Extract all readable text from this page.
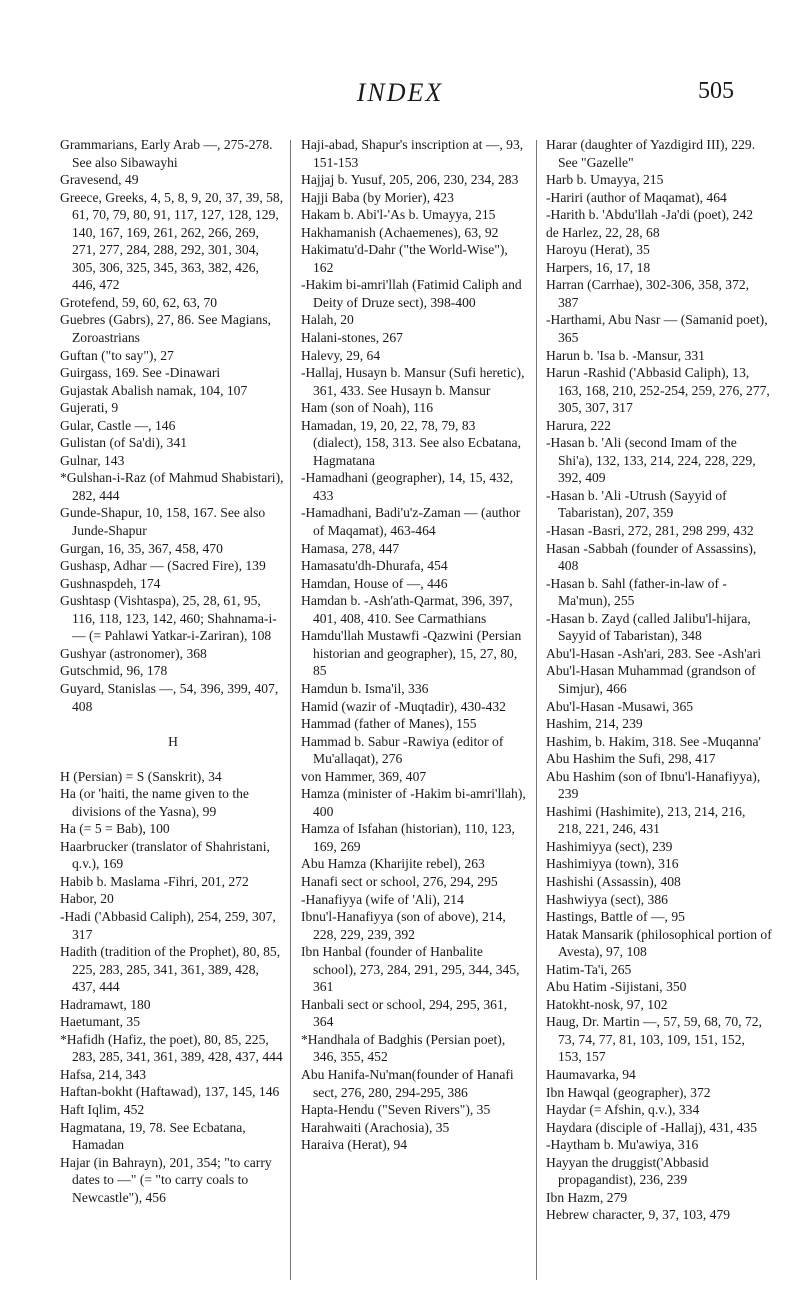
INDEX	505
Grammarians, Early Arab —, 275-278. See also Sibawayhi
Gravesend, 49
Greece, Greeks, 4, 5, 8, 9, 20, 37, 39, 58, 61, 70, 79, 80, 91, 117, 127, 128, 129, 140, 167, 169, 261, 262, 266, 269, 271, 277, 284, 288, 292, 301, 304, 305, 306, 325, 345, 363, 382, 426, 446, 472
Grotefend, 59, 60, 62, 63, 70
Guebres (Gabrs), 27, 86. See Magians, Zoroastrians
Guftan ("to say"), 27
Guirgass, 169. See -Dinawari
Gujastak Abalish namak, 104, 107
Gujerati, 9
Gular, Castle —, 146
Gulistan (of Sa'di), 341
Gulnar, 143
*Gulshan-i-Raz (of Mahmud Shabistari), 282, 444
Gunde-Shapur, 10, 158, 167. See also Junde-Shapur
Gurgan, 16, 35, 367, 458, 470
Gushasp, Adhar — (Sacred Fire), 139
Gushnaspdeh, 174
Gushtasp (Vishtaspa), 25, 28, 61, 95, 116, 118, 123, 142, 460; Shahnama-i- — (= Pahlawi Yatkar-i-Zariran), 108
Gushyar (astronomer), 368
Gutschmid, 96, 178
Guyard, Stanislas —, 54, 396, 399, 407, 408
H
H (Persian) = S (Sanskrit), 34
Ha (or 'haiti, the name given to the divisions of the Yasna), 99
Ha (= 5 = Bab), 100
Haarbrucker (translator of Shahristani, q.v.), 169
Habib b. Maslama -Fihri, 201, 272
Habor, 20
-Hadi ('Abbasid Caliph), 254, 259, 307, 317
Hadith (tradition of the Prophet), 80, 85, 225, 283, 285, 341, 361, 389, 428, 437, 444
Hadramawt, 180
Haetumant, 35
*Hafidh (Hafiz, the poet), 80, 85, 225, 283, 285, 341, 361, 389, 428, 437, 444
Hafsa, 214, 343
Haftan-bokht (Haftawad), 137, 145, 146
Haft Iqlim, 452
Hagmatana, 19, 78. See Ecbatana, Hamadan
Hajar (in Bahrayn), 201, 354; "to carry dates to —" (= "to carry coals to Newcastle"), 456
Haji-abad, Shapur's inscription at —, 93, 151-153
Hajjaj b. Yusuf, 205, 206, 230, 234, 283
Hajji Baba (by Morier), 423
Hakam b. Abi'l-'As b. Umayya, 215
Hakhamanish (Achaemenes), 63, 92
Hakimatu'd-Dahr ("the World-Wise"), 162
-Hakim bi-amri'llah (Fatimid Caliph and Deity of Druze sect), 398-400
Halah, 20
Halani-stones, 267
Halevy, 29, 64
-Hallaj, Husayn b. Mansur (Sufi heretic), 361, 433. See Husayn b. Mansur
Ham (son of Noah), 116
Hamadan, 19, 20, 22, 78, 79, 83 (dialect), 158, 313. See also Ecbatana, Hagmatana
-Hamadhani (geographer), 14, 15, 432, 433
-Hamadhani, Badi'u'z-Zaman — (author of Maqamat), 463-464
Hamasa, 278, 447
Hamasatu'dh-Dhurafa, 454
Hamdan, House of —, 446
Hamdan b. -Ash'ath-Qarmat, 396, 397, 401, 408, 410. See Carmathians
Hamdu'llah Mustawfi -Qazwini (Persian historian and geographer), 15, 27, 80, 85
Hamdun b. Isma'il, 336
Hamid (wazir of -Muqtadir), 430-432
Hammad (father of Manes), 155
Hammad b. Sabur -Rawiya (editor of Mu'allaqat), 276
von Hammer, 369, 407
Hamza (minister of -Hakim bi-amri'llah), 400
Hamza of Isfahan (historian), 110, 123, 169, 269
Abu Hamza (Kharijite rebel), 263
Hanafi sect or school, 276, 294, 295
-Hanafiyya (wife of 'Ali), 214
Ibnu'l-Hanafiyya (son of above), 214, 228, 229, 239, 392
Ibn Hanbal (founder of Hanbalite school), 273, 284, 291, 295, 344, 345, 361
Hanbali sect or school, 294, 295, 361, 364
*Handhala of Badghis (Persian poet), 346, 355, 452
Abu Hanifa-Nu'man(founder of Hanafi sect, 276, 280, 294-295, 386
Hapta-Hendu ("Seven Rivers"), 35
Harahwaiti (Arachosia), 35
Haraiva (Herat), 94
Harar (daughter of Yazdigird III), 229. See "Gazelle"
Harb b. Umayya, 215
-Hariri (author of Maqamat), 464
-Harith b. 'Abdu'llah -Ja'di (poet), 242
de Harlez, 22, 28, 68
Haroyu (Herat), 35
Harpers, 16, 17, 18
Harran (Carrhae), 302-306, 358, 372, 387
-Harthami, Abu Nasr — (Samanid poet), 365
Harun b. 'Isa b. -Mansur, 331
Harun -Rashid ('Abbasid Caliph), 13, 163, 168, 210, 252-254, 259, 276, 277, 305, 307, 317
Harura, 222
-Hasan b. 'Ali (second Imam of the Shi'a), 132, 133, 214, 224, 228, 229, 392, 409
-Hasan b. 'Ali -Utrush (Sayyid of Tabaristan), 207, 359
-Hasan -Basri, 272, 281, 298 299, 432
Hasan -Sabbah (founder of Assassins), 408
-Hasan b. Sahl (father-in-law of -Ma'mun), 255
-Hasan b. Zayd (called Jalibu'l-hijara, Sayyid of Tabaristan), 348
Abu'l-Hasan -Ash'ari, 283. See -Ash'ari
Abu'l-Hasan Muhammad (grandson of Simjur), 466
Abu'l-Hasan -Musawi, 365
Hashim, 214, 239
Hashim, b. Hakim, 318. See -Muqanna'
Abu Hashim the Sufi, 298, 417
Abu Hashim (son of Ibnu'l-Hanafiyya), 239
Hashimi (Hashimite), 213, 214, 216, 218, 221, 246, 431
Hashimiyya (sect), 239
Hashimiyya (town), 316
Hashishi (Assassin), 408
Hashwiyya (sect), 386
Hastings, Battle of —, 95
Hatak Mansarik (philosophical portion of Avesta), 97, 108
Hatim-Ta'i, 265
Abu Hatim -Sijistani, 350
Hatokht-nosk, 97, 102
Haug, Dr. Martin —, 57, 59, 68, 70, 72, 73, 74, 77, 81, 103, 109, 151, 152, 153, 157
Haumavarka, 94
Ibn Hawqal (geographer), 372
Haydar (= Afshin, q.v.), 334
Haydara (disciple of -Hallaj), 431, 435
-Haytham b. Mu'awiya, 316
Hayyan the druggist('Abbasid propagandist), 236, 239
Ibn Hazm, 279
Hebrew character, 9, 37, 103, 479
